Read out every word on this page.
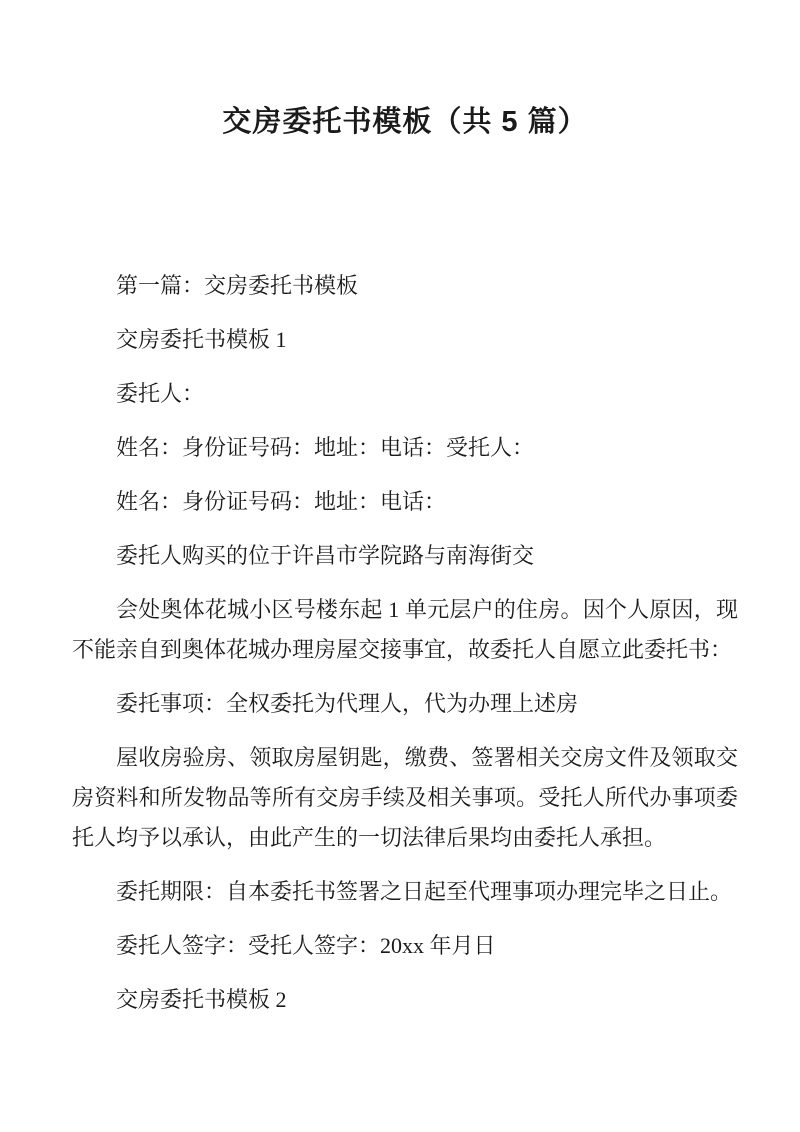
交房委托书模板（共 5 篇）

第一篇：交房委托书模板

交房委托书模板 1

委托人：

姓名：身份证号码：地址：电话：受托人：

姓名：身份证号码：地址：电话：

委托人购买的位于许昌市学院路与南海街交

会处奥体花城小区号楼东起 1 单元层户的住房。因个人原因，现不能亲自到奥体花城办理房屋交接事宜，故委托人自愿立此委托书：

委托事项：全权委托为代理人，代为办理上述房

屋收房验房、领取房屋钥匙，缴费、签署相关交房文件及领取交房资料和所发物品等所有交房手续及相关事项。受托人所代办事项委托人均予以承认，由此产生的一切法律后果均由委托人承担。

委托期限：自本委托书签署之日起至代理事项办理完毕之日止。

委托人签字：受托人签字：20xx 年月日

交房委托书模板 2
